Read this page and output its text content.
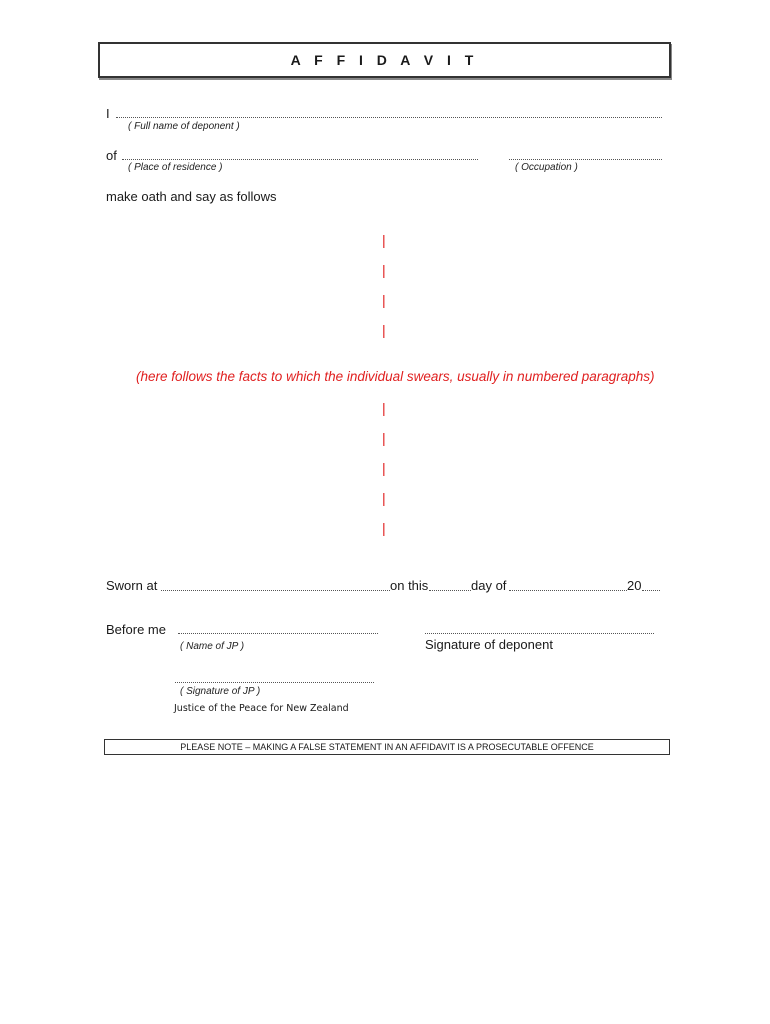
A F F I D A V I T
I
( Full name of deponent )
of
( Place of residence )	( Occupation )
make oath and say as follows
|
|
|
|
(here follows the facts to which the individual swears, usually in numbered paragraphs)
|
|
|
|
|
Sworn at	on this	day of	20
Before me
( Name of JP )	Signature of deponent
( Signature of JP )
Justice of the Peace for New Zealand
PLEASE NOTE – MAKING A FALSE STATEMENT IN AN AFFIDAVIT IS A PROSECUTABLE OFFENCE
